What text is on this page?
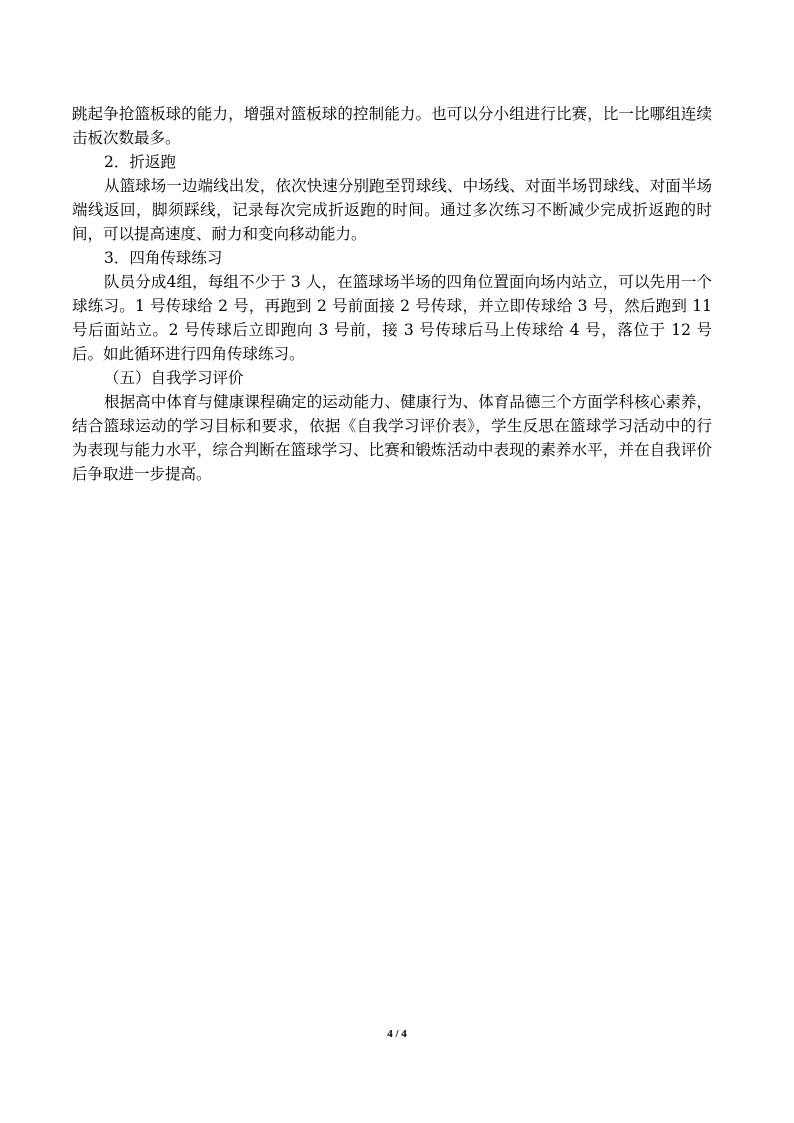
跳起争抢篮板球的能力，增强对篮板球的控制能力。也可以分小组进行比赛，比一比哪组连续击板次数最多。

2．折返跑

从篮球场一边端线出发，依次快速分别跑至罚球线、中场线、对面半场罚球线、对面半场端线返回，脚须踩线，记录每次完成折返跑的时间。通过多次练习不断减少完成折返跑的时间，可以提高速度、耐力和变向移动能力。

3．四角传球练习

队员分成4组，每组不少于 3 人，在篮球场半场的四角位置面向场内站立，可以先用一个球练习。1 号传球给 2 号，再跑到 2 号前面接 2 号传球，并立即传球给 3 号，然后跑到 11 号后面站立。2 号传球后立即跑向 3 号前，接 3 号传球后马上传球给 4 号，落位于 12 号后。如此循环进行四角传球练习。

（五）自我学习评价

根据高中体育与健康课程确定的运动能力、健康行为、体育品德三个方面学科核心素养，结合篮球运动的学习目标和要求，依据《自我学习评价表》，学生反思在篮球学习活动中的行为表现与能力水平，综合判断在篮球学习、比赛和锻炼活动中表现的素养水平，并在自我评价后争取进一步提高。

4 / 4
